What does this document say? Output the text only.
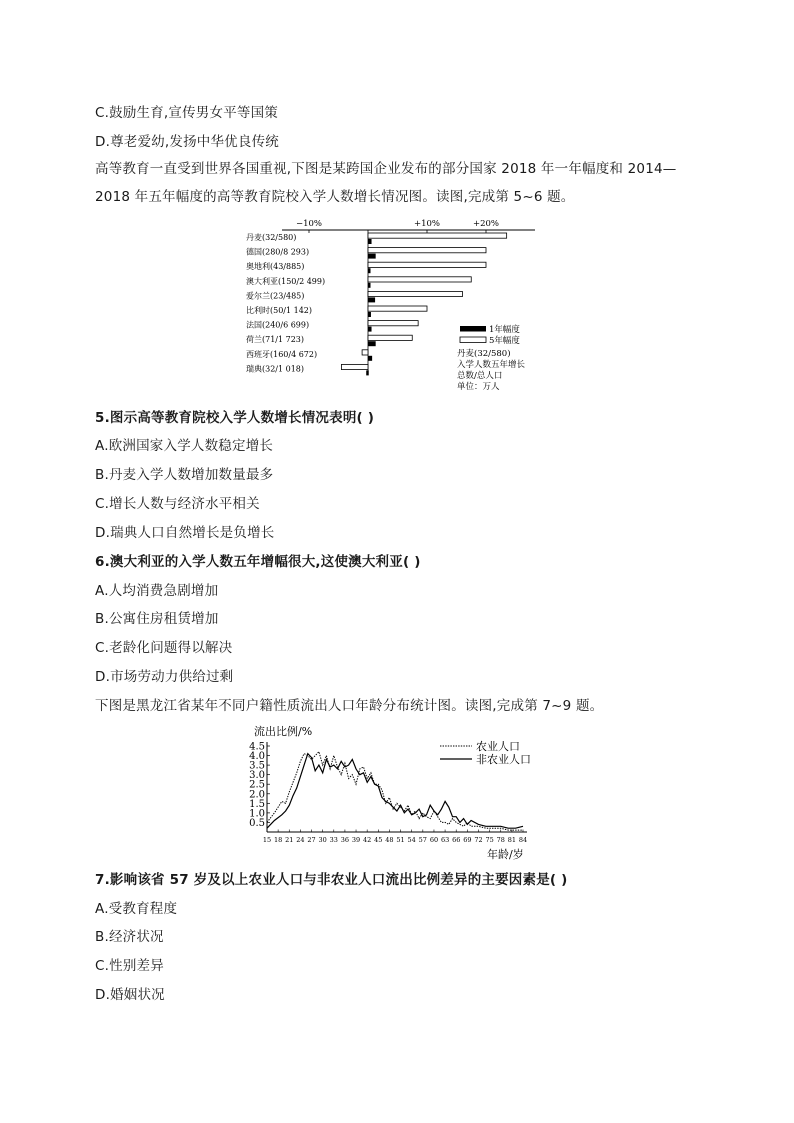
C.鼓励生育,宣传男女平等国策
D.尊老爱幼,发扬中华优良传统
高等教育一直受到世界各国重视,下图是某跨国企业发布的部分国家 2018 年一年幅度和 2014—
2018 年五年幅度的高等教育院校入学人数增长情况图。读图,完成第 5~6 题。
−10%	+10%	+20%
丹麦(32/580)
德国(280/8 293)
奥地利(43/885)
澳大利亚(150/2 499)
爱尔兰(23/485)
比利时(50/1 142)
法国(240/6 699)
荷兰(71/1 723)
西班牙(160/4 672)
瑞典(32/1 018)
1年幅度
5年幅度
丹麦(32/580)
入学人数五年增长
总数/总人口
单位：万人
5.图示高等教育院校入学人数增长情况表明( )
A.欧洲国家入学人数稳定增长
B.丹麦入学人数增加数量最多
C.增长人数与经济水平相关
D.瑞典人口自然增长是负增长
6.澳大利亚的入学人数五年增幅很大,这使澳大利亚( )
A.人均消费急剧增加
B.公寓住房租赁增加
C.老龄化问题得以解决
D.市场劳动力供给过剩
下图是黑龙江省某年不同户籍性质流出人口年龄分布统计图。读图,完成第 7~9 题。
流出比例/%
4.5
4.0
3.5
3.0
2.5
2.0
1.5
1.0
0.5
15 18 21 24 27 30 33 36 39 42 45 48 51 54 57 60 63 66 69 72 75 78 81 84
年龄/岁
农业人口
非农业人口
7.影响该省 57 岁及以上农业人口与非农业人口流出比例差异的主要因素是( )
A.受教育程度
B.经济状况
C.性别差异
D.婚姻状况
